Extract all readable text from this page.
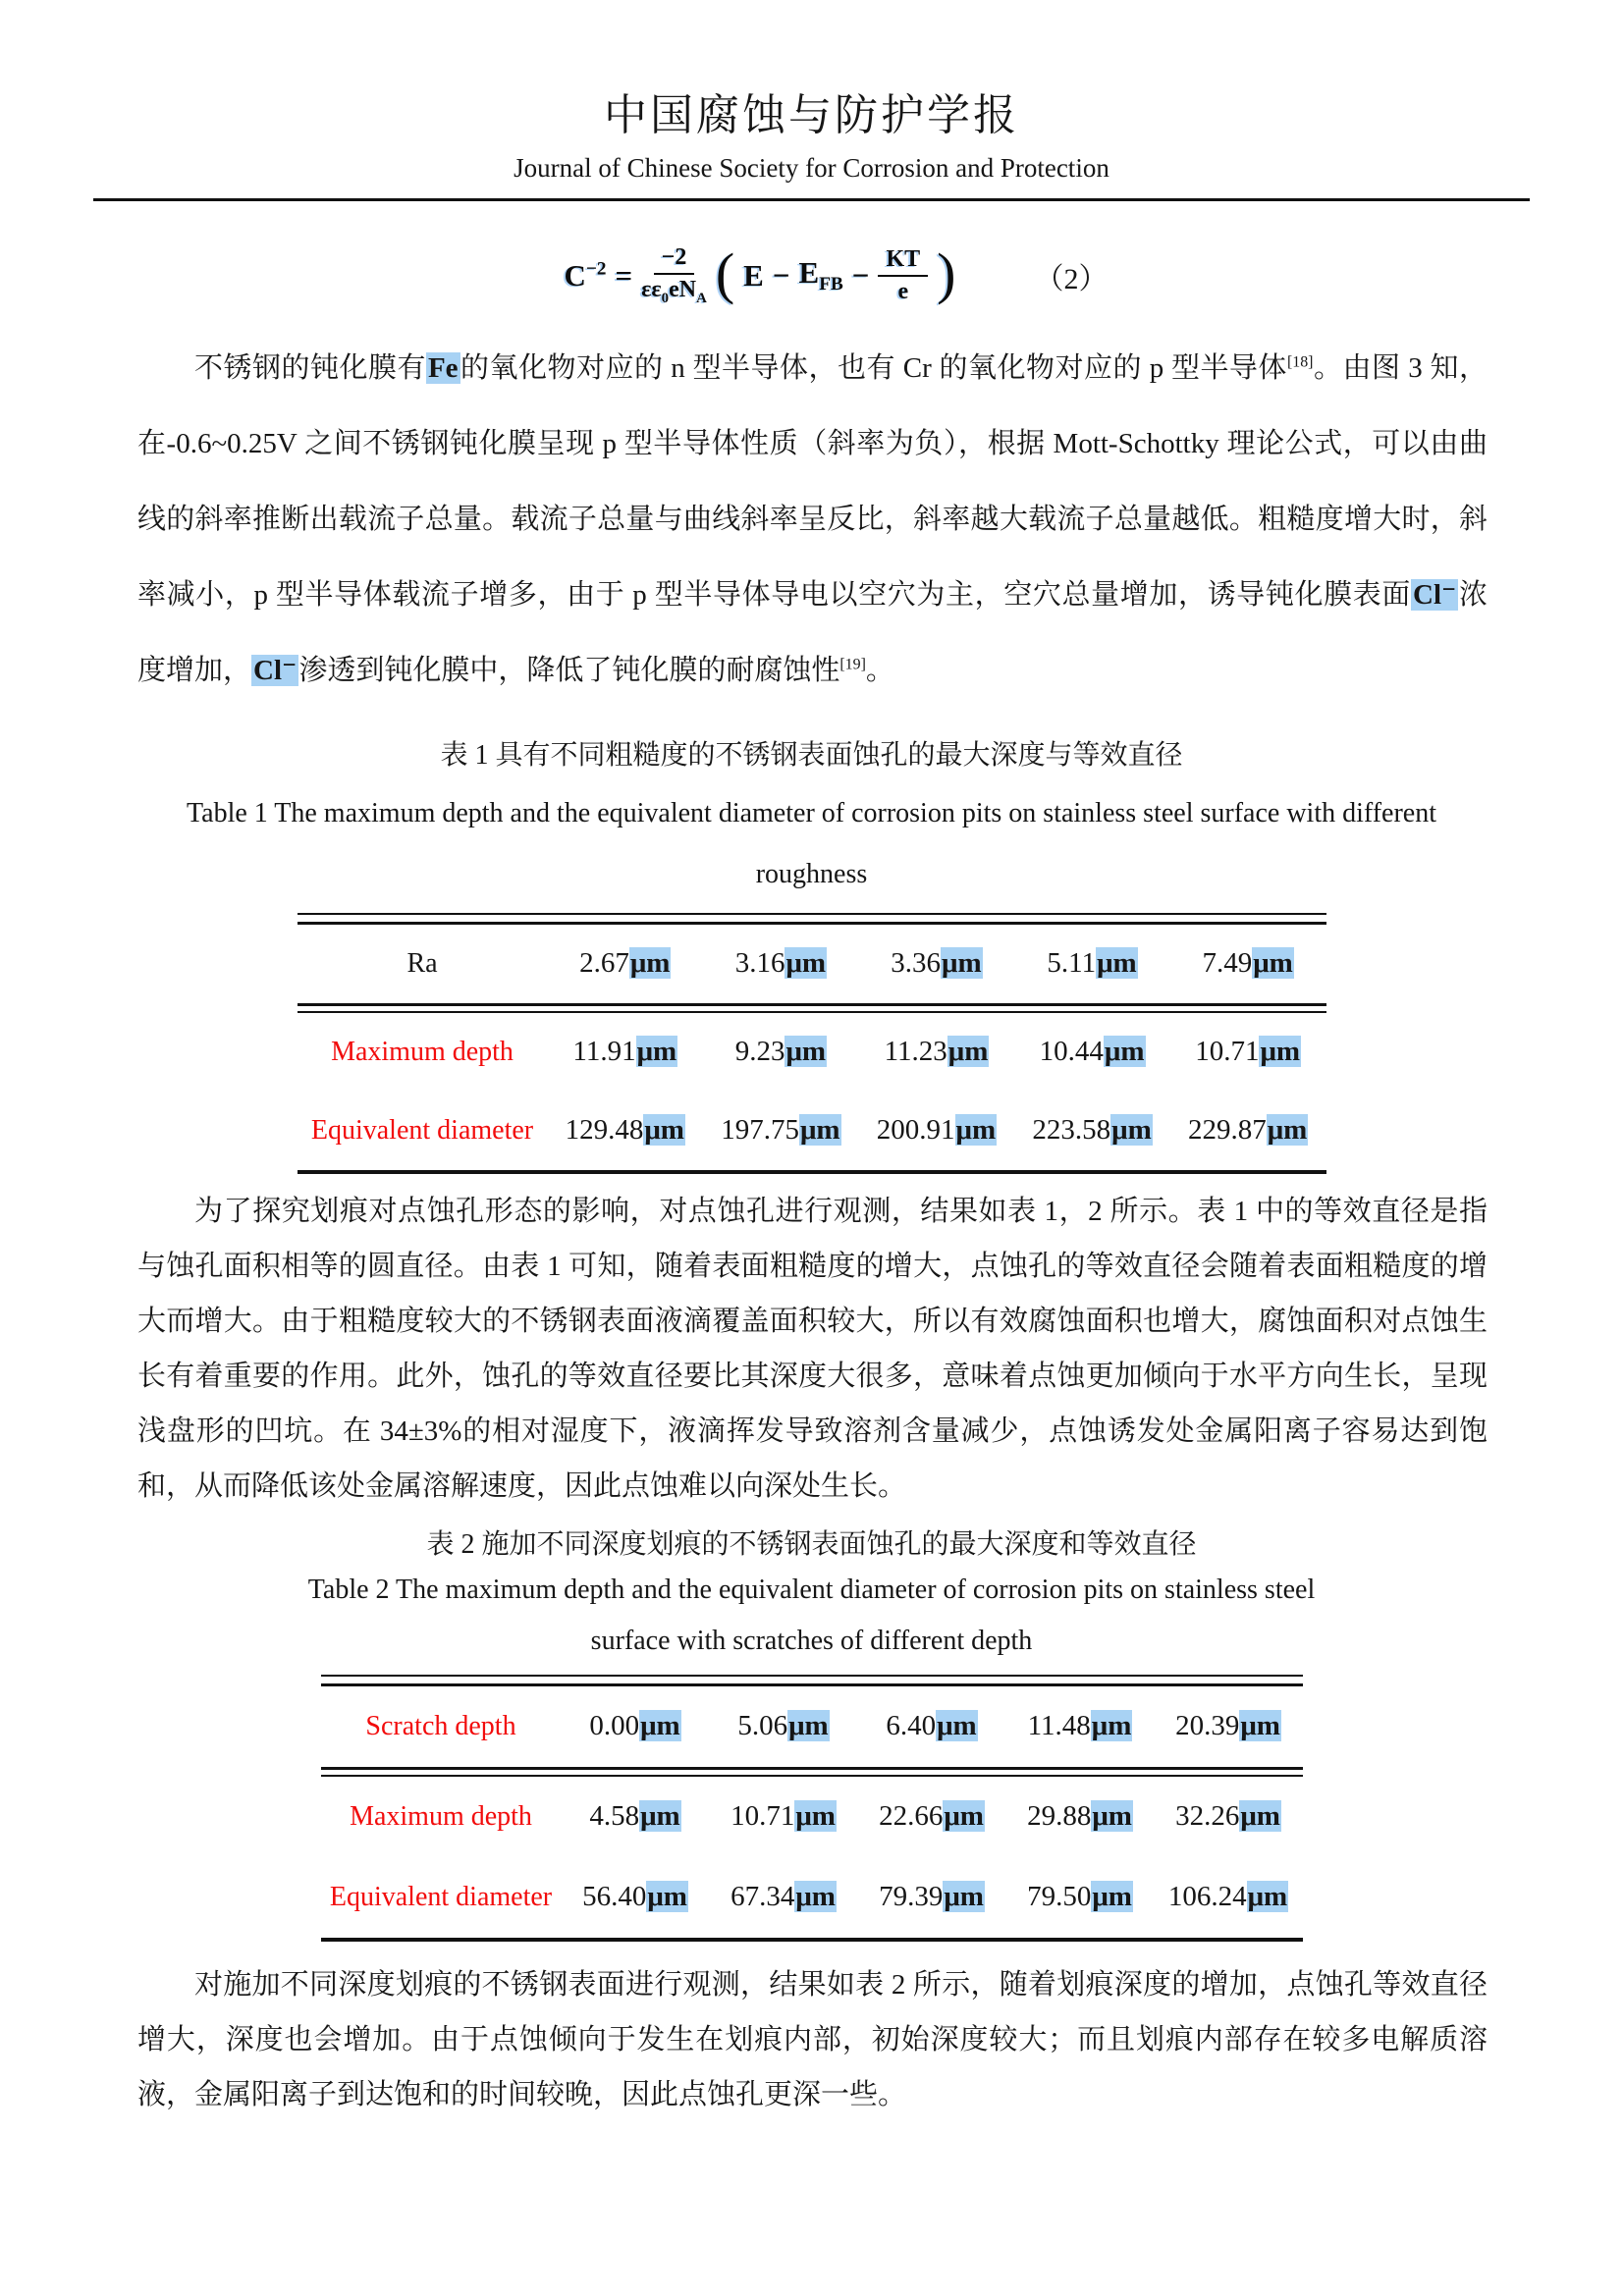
中国腐蚀与防护学报
Journal of Chinese Society for Corrosion and Protection
$C^{-2} = \frac{-2}{\varepsilon\varepsilon_0eN_A}$ ( $E - E_{FB} - \frac{KT}{e}$ )	（2）
不锈钢的钝化膜有Fe的氧化物对应的 n 型半导体，也有 Cr 的氧化物对应的 p 型半导体[18]。由图 3 知，在-0.6~0.25V 之间不锈钢钝化膜呈现 p 型半导体性质（斜率为负），根据 Mott-Schottky 理论公式，可以由曲线的斜率推断出载流子总量。载流子总量与曲线斜率呈反比，斜率越大载流子总量越低。粗糙度增大时，斜率减小，p 型半导体载流子增多，由于 p 型半导体导电以空穴为主，空穴总量增加，诱导钝化膜表面Cl⁻浓度增加，Cl⁻渗透到钝化膜中，降低了钝化膜的耐腐蚀性[19]。
表 1 具有不同粗糙度的不锈钢表面蚀孔的最大深度与等效直径
Table 1 The maximum depth and the equivalent diameter of corrosion pits on stainless steel surface with different
roughness
Ra	2.67μm	3.16μm	3.36μm	5.11μm	7.49μm
Maximum depth	11.91μm	9.23μm	11.23μm	10.44μm	10.71μm
Equivalent diameter	129.48μm	197.75μm	200.91μm	223.58μm	229.87μm
为了探究划痕对点蚀孔形态的影响，对点蚀孔进行观测，结果如表 1，2 所示。表 1 中的等效直径是指与蚀孔面积相等的圆直径。由表 1 可知，随着表面粗糙度的增大，点蚀孔的等效直径会随着表面粗糙度的增大而增大。由于粗糙度较大的不锈钢表面液滴覆盖面积较大，所以有效腐蚀面积也增大，腐蚀面积对点蚀生长有着重要的作用。此外，蚀孔的等效直径要比其深度大很多，意味着点蚀更加倾向于水平方向生长，呈现浅盘形的凹坑。在 34±3%的相对湿度下，液滴挥发导致溶剂含量减少，点蚀诱发处金属阳离子容易达到饱和，从而降低该处金属溶解速度，因此点蚀难以向深处生长。
表 2 施加不同深度划痕的不锈钢表面蚀孔的最大深度和等效直径
Table 2 The maximum depth and the equivalent diameter of corrosion pits on stainless steel
surface with scratches of different depth
Scratch depth	0.00μm	5.06μm	6.40μm	11.48μm	20.39μm
Maximum depth	4.58μm	10.71μm	22.66μm	29.88μm	32.26μm
Equivalent diameter	56.40μm	67.34μm	79.39μm	79.50μm	106.24μm
对施加不同深度划痕的不锈钢表面进行观测，结果如表 2 所示，随着划痕深度的增加，点蚀孔等效直径增大，深度也会增加。由于点蚀倾向于发生在划痕内部，初始深度较大；而且划痕内部存在较多电解质溶液，金属阳离子到达饱和的时间较晚，因此点蚀孔更深一些。
